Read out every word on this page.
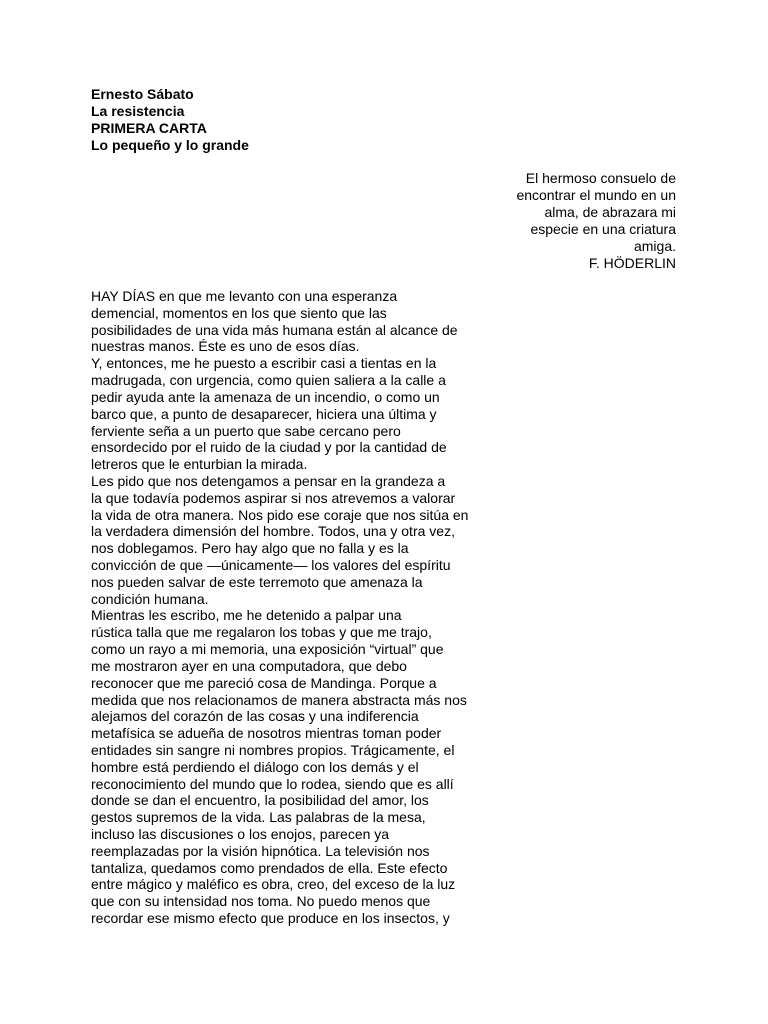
Ernesto Sábato
La resistencia
PRIMERA CARTA
Lo pequeño y lo grande
El hermoso consuelo de
encontrar el mundo en un
alma, de abrazara mi
especie en una criatura
amiga.
F. HÖDERLIN
HAY DÍAS en que me levanto con una esperanza
demencial, momentos en los que siento que las
posibilidades de una vida más humana están al alcance de
nuestras manos. Éste es uno de esos días.
Y, entonces, me he puesto a escribir casi a tientas en la
madrugada, con urgencia, como quien saliera a la calle a
pedir ayuda ante la amenaza de un incendio, o como un
barco que, a punto de desaparecer, hiciera una última y
ferviente seña a un puerto que sabe cercano pero
ensordecido por el ruido de la ciudad y por la cantidad de
letreros que le enturbian la mirada.
Les pido que nos detengamos a pensar en la grandeza a
la que todavía podemos aspirar si nos atrevemos a valorar
la vida de otra manera. Nos pido ese coraje que nos sitúa en
la verdadera dimensión del hombre. Todos, una y otra vez,
nos doblegamos. Pero hay algo que no falla y es la
convicción de que —únicamente— los valores del espíritu
nos pueden salvar de este terremoto que amenaza la
condición humana.
Mientras les escribo, me he detenido a palpar una
rústica talla que me regalaron los tobas y que me trajo,
como un rayo a mi memoria, una exposición “virtual” que
me mostraron ayer en una computadora, que debo
reconocer que me pareció cosa de Mandinga. Porque a
medida que nos relacionamos de manera abstracta más nos
alejamos del corazón de las cosas y una indiferencia
metafísica se adueña de nosotros mientras toman poder
entidades sin sangre ni nombres propios. Trágicamente, el
hombre está perdiendo el diálogo con los demás y el
reconocimiento del mundo que lo rodea, siendo que es allí
donde se dan el encuentro, la posibilidad del amor, los
gestos supremos de la vida. Las palabras de la mesa,
incluso las discusiones o los enojos, parecen ya
reemplazadas por la visión hipnótica. La televisión nos
tantaliza, quedamos como prendados de ella. Este efecto
entre mágico y maléfico es obra, creo, del exceso de la luz
que con su intensidad nos toma. No puedo menos que
recordar ese mismo efecto que produce en los insectos, y
